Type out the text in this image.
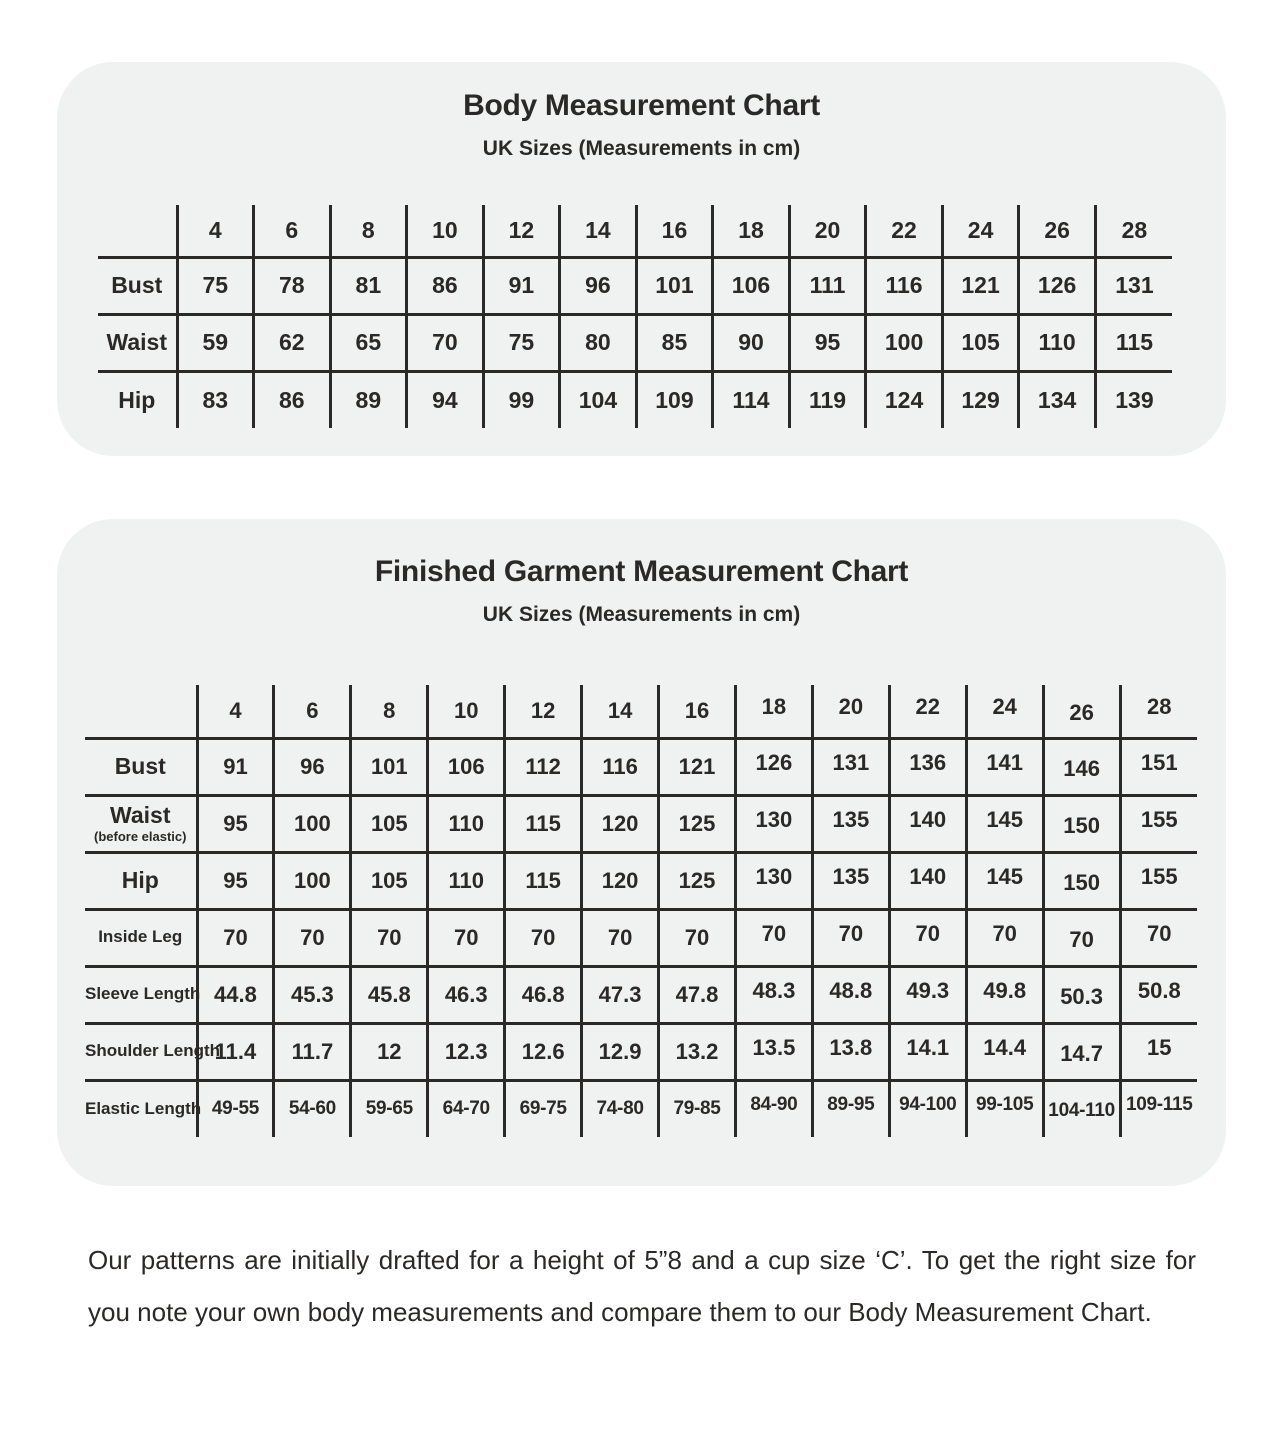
Body Measurement Chart
UK Sizes (Measurements in cm)
	4	6	8	10	12	14	16	18	20	22	24	26	28

Bust	75	78	81	86	91	96	101	106	111	116	121	126	131

Waist	59	62	65	70	75	80	85	90	95	100	105	110	115

Hip	83	86	89	94	99	104	109	114	119	124	129	134	139
Finished Garment Measurement Chart
UK Sizes (Measurements in cm)
	4	6	8	10	12	14	16	18	20	22	24	26	28

Bust	91	96	101	106	112	116	121	126	131	136	141	146	151

Waist
(before elastic)	95	100	105	110	115	120	125	130	135	140	145	150	155

Hip	95	100	105	110	115	120	125	130	135	140	145	150	155

Inside Leg	70	70	70	70	70	70	70	70	70	70	70	70	70

Sleeve Length	44.8	45.3	45.8	46.3	46.8	47.3	47.8	48.3	48.8	49.3	49.8	50.3	50.8

Shoulder Length	11.4	11.7	12	12.3	12.6	12.9	13.2	13.5	13.8	14.1	14.4	14.7	15

Elastic Length	49-55	54-60	59-65	64-70	69-75	74-80	79-85	84-90	89-95	94-100	99-105	104-110	109-115

Our patterns are initially drafted for a height of 5”8 and a cup size ‘C’. To get the right size for you note your own body measurements and compare them to our Body Measurement Chart.
